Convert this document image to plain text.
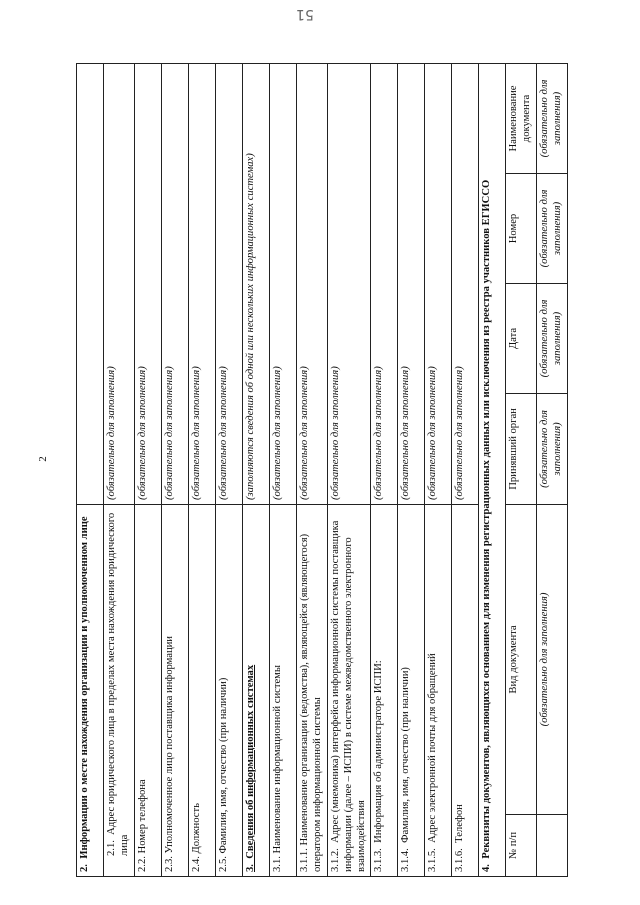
51
2
2.  Информации о месте нахождения организации и уполномоченном лице					
2.1.  Адрес юридического лица в пределах места нахождения юридического лица		(обязательно для заполнения)			
2.2. Номер телефона		(обязательно для заполнения)			
2.3. Уполномоченное лицо поставщика информации		(обязательно для заполнения)			
2.4. Должность		(обязательно для заполнения)			
2.5. Фамилия, имя, отчество (при наличии)		(обязательно для заполнения)			
3.  Сведения об информационных системах		(заполняются сведения об одной или нескольких информационных системах)			
3.1. Наименование информационной системы		(обязательно для заполнения)			
3.1.1. Наименование организации (ведомства), являющейся (являющегося) оператором информационной системы		(обязательно для заполнения)			
3.1.2.  Адрес (мнемоника) интерфейса информационной системы поставщика информации (далее – ИСПИ) в системе межведомственного электронного взаимодействия		(обязательно для заполнения)			
3.1.3.  Информация об администраторе ИСПИ:		(обязательно для заполнения)			
3.1.4.  Фамилия, имя, отчество (при наличии)		(обязательно для заполнения)			
3.1.5.  Адрес электронной почты для обращений		(обязательно для заполнения)			
3.1.6.  Телефон		(обязательно для заполнения)			
4.  Реквизиты документов, являющихся основанием для изменения регистрационных данных или исключения из реестра участников ЕГИССО					
№ п/п	Вид документа	Принявший орган	Дата	Номер	Наименование документа
	(обязательно для заполнения)	(обязательно для заполнения)	(обязательно для заполнения)	(обязательно для заполнения)	(обязательно для заполнения)
